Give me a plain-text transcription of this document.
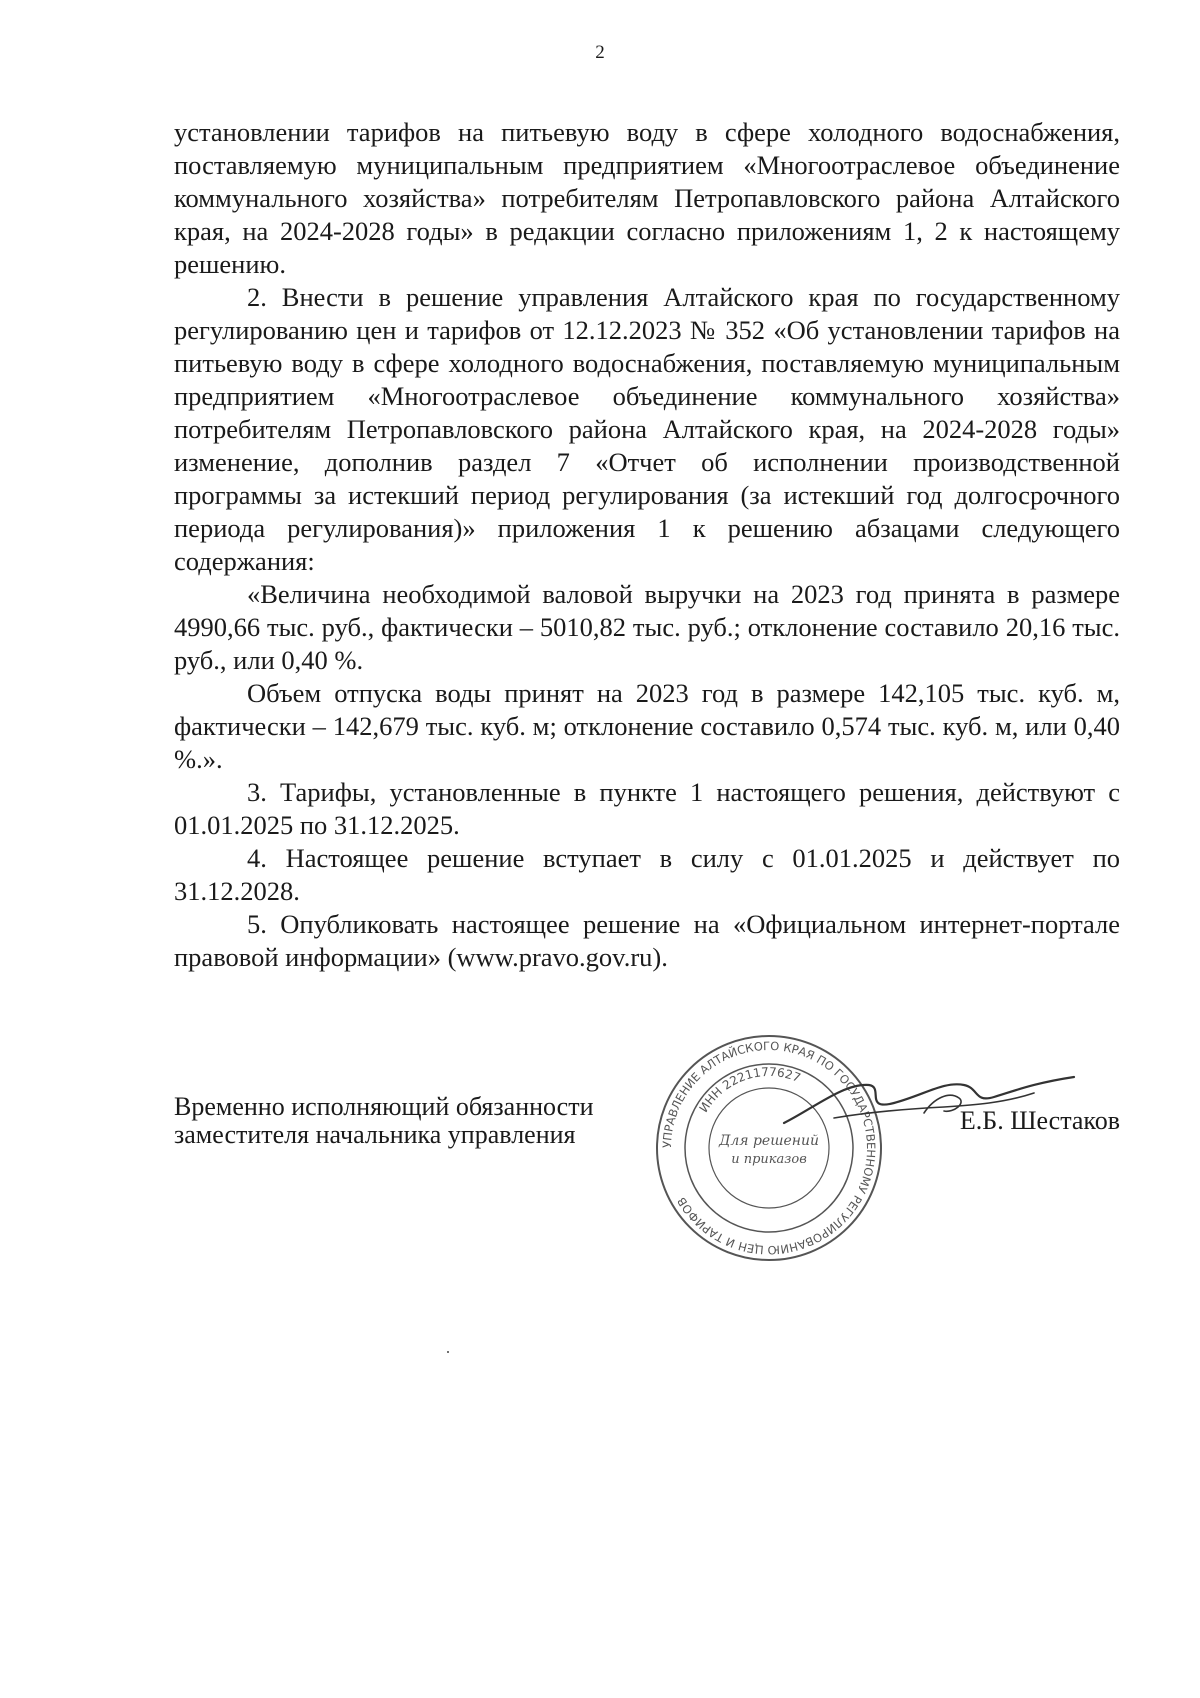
2

установлении тарифов на питьевую воду в сфере холодного водоснабжения, поставляемую муниципальным предприятием «Многоотраслевое объединение коммунального хозяйства» потребителям Петропавловского района Алтайского края, на 2024-2028 годы» в редакции согласно приложениям 1, 2 к настоящему решению.

2. Внести в решение управления Алтайского края по государственному регулированию цен и тарифов от 12.12.2023 № 352 «Об установлении тарифов на питьевую воду в сфере холодного водоснабжения, поставляемую муниципальным предприятием «Многоотраслевое объединение коммунального хозяйства» потребителям Петропавловского района Алтайского края, на 2024-2028 годы» изменение, дополнив раздел 7 «Отчет об исполнении производственной программы за истекший период регулирования (за истекший год долгосрочного периода регулирования)» приложения 1 к решению абзацами следующего содержания:

«Величина необходимой валовой выручки на 2023 год принята в размере 4990,66 тыс. руб., фактически – 5010,82 тыс. руб.; отклонение составило 20,16 тыс. руб., или 0,40 %.

Объем отпуска воды принят на 2023 год в размере 142,105 тыс. куб. м, фактически – 142,679 тыс. куб. м; отклонение составило 0,574 тыс. куб. м, или 0,40 %.».

3. Тарифы, установленные в пункте 1 настоящего решения, действуют с 01.01.2025 по 31.12.2025.

4. Настоящее решение вступает в силу с 01.01.2025 и действует по 31.12.2028.

5. Опубликовать настоящее решение на «Официальном интернет-портале правовой информации» (www.pravo.gov.ru).

Временно исполняющий обязанности
заместителя начальника управления	УПРАВЛЕНИЕ АЛТАЙСКОГО КРАЯ ПО ГОСУДАРСТВЕННОМУ РЕГУЛИРОВАНИЮ ЦЕН И ТАРИФОВ
ИНН 2221177627
Для решений
и приказов
Е.Б. Шестаков
